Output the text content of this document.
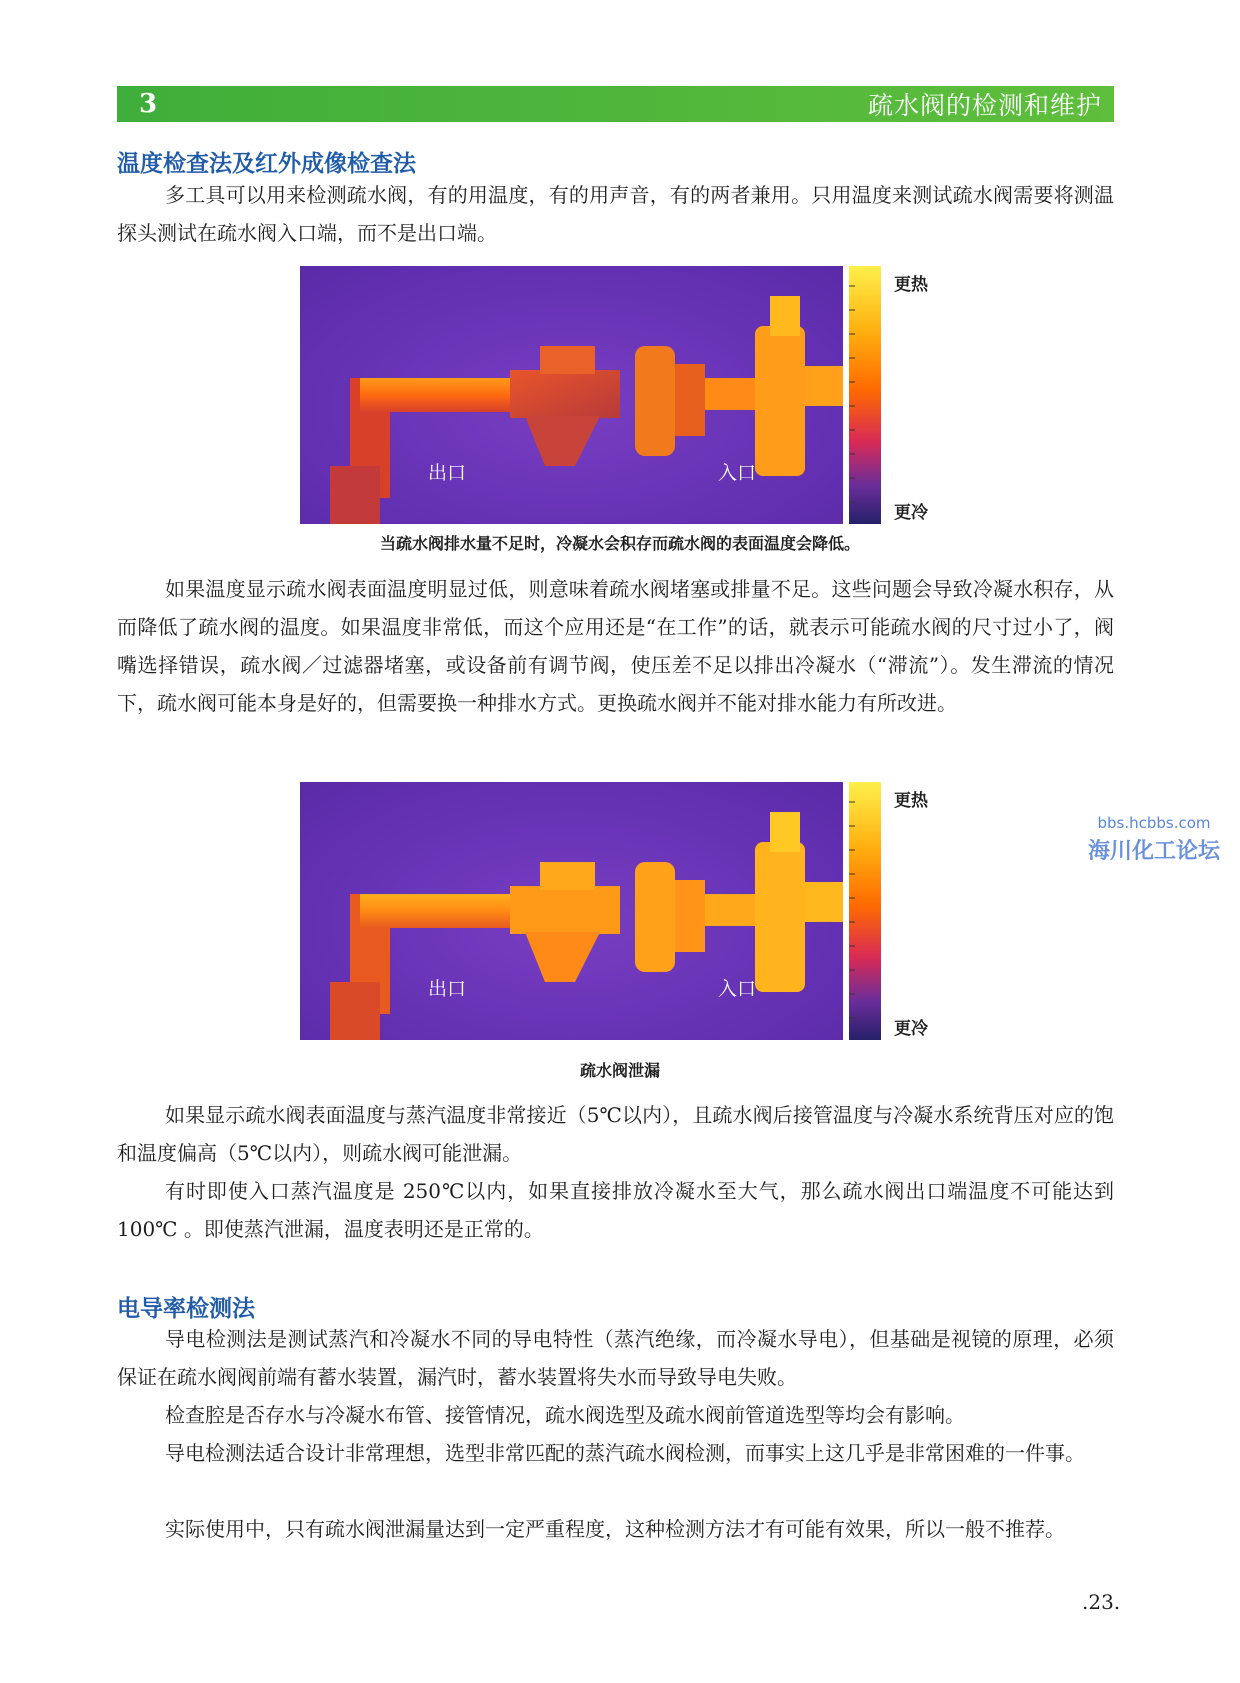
3	疏水阀的检测和维护
温度检查法及红外成像检查法

多工具可以用来检测疏水阀，有的用温度，有的用声音，有的两者兼用。只用温度来测试疏水阀需要将测温探头测试在疏水阀入口端，而不是出口端。

出口	入口
更热
更冷

当疏水阀排水量不足时，冷凝水会积存而疏水阀的表面温度会降低。

如果温度显示疏水阀表面温度明显过低，则意味着疏水阀堵塞或排量不足。这些问题会导致冷凝水积存，从而降低了疏水阀的温度。如果温度非常低，而这个应用还是“在工作”的话，就表示可能疏水阀的尺寸过小了，阀嘴选择错误，疏水阀／过滤器堵塞，或设备前有调节阀，使压差不足以排出冷凝水（“滞流”）。发生滞流的情况下，疏水阀可能本身是好的，但需要换一种排水方式。更换疏水阀并不能对排水能力有所改进。

出口	入口
更热
更冷

疏水阀泄漏

bbs.hcbbs.com
海川化工论坛

如果显示疏水阀表面温度与蒸汽温度非常接近（5℃以内），且疏水阀后接管温度与冷凝水系统背压对应的饱和温度偏高（5℃以内），则疏水阀可能泄漏。

有时即使入口蒸汽温度是 250℃以内，如果直接排放冷凝水至大气，那么疏水阀出口端温度不可能达到 100℃ 。即使蒸汽泄漏，温度表明还是正常的。

电导率检测法

导电检测法是测试蒸汽和冷凝水不同的导电特性（蒸汽绝缘，而冷凝水导电），但基础是视镜的原理，必须保证在疏水阀阀前端有蓄水装置，漏汽时，蓄水装置将失水而导致导电失败。

检查腔是否存水与冷凝水布管、接管情况，疏水阀选型及疏水阀前管道选型等均会有影响。

导电检测法适合设计非常理想，选型非常匹配的蒸汽疏水阀检测，而事实上这几乎是非常困难的一件事。

实际使用中，只有疏水阀泄漏量达到一定严重程度，这种检测方法才有可能有效果，所以一般不推荐。

.23.
